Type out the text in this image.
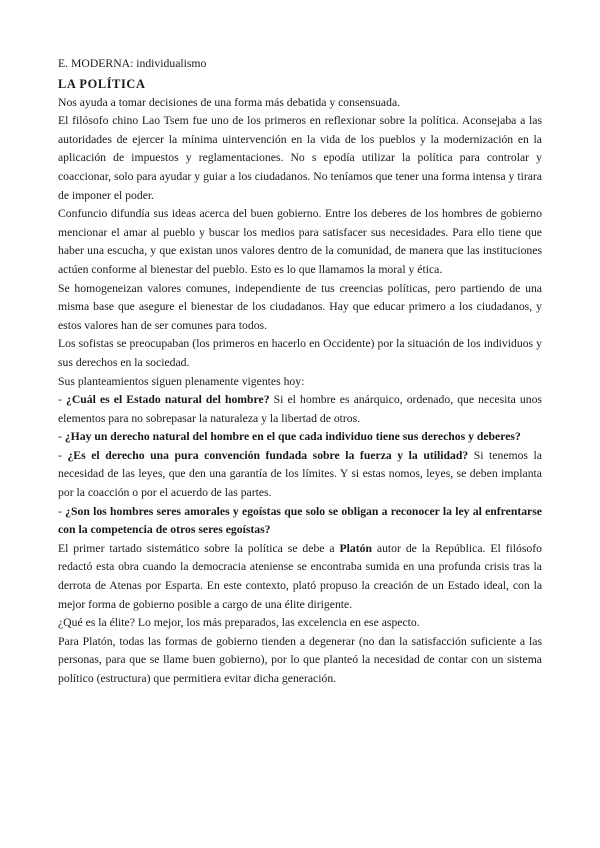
E. MODERNA: individualismo

LA POLÍTICA

Nos ayuda a tomar decisiones de una forma más debatida y consensuada.

El filósofo chino Lao Tsem fue uno de los primeros en reflexionar sobre la política. Aconsejaba a las autoridades de ejercer la mínima uintervención en la vida de los pueblos y la modernización en la aplicación de impuestos y reglamentaciones. No s epodía utilizar la política para controlar y coaccionar, solo para ayudar y guiar a los ciudadanos. No teníamos que tener una forma intensa y tirara de imponer el poder.

Confuncio difundía sus ideas acerca del buen gobierno. Entre los deberes de los hombres de gobierno mencionar el amar al pueblo y buscar los medios para satisfacer sus necesidades. Para ello tiene que haber una escucha, y que existan unos valores dentro de la comunidad, de manera que las instituciones actúen conforme al bienestar del pueblo. Esto es lo que llamamos la moral y ética.

Se homogeneizan valores comunes, independiente de tus creencias políticas, pero partiendo de una misma base que asegure el bienestar de los ciudadanos. Hay que educar primero a los ciudadanos, y estos valores han de ser comunes para todos.

Los sofistas se preocupaban (los primeros en hacerlo en Occidente) por la situación de los individuos y sus derechos en la sociedad.

Sus planteamientos siguen plenamente vigentes hoy:

- ¿Cuál es el Estado natural del hombre? Si el hombre es anárquico, ordenado, que necesita unos elementos para no sobrepasar la naturaleza y la libertad de otros.

- ¿Hay un derecho natural del hombre en el que cada individuo tiene sus derechos y deberes?

- ¿Es el derecho una pura convención fundada sobre la fuerza y la utilidad? Si tenemos la necesidad de las leyes, que den una garantía de los límites. Y si estas nomos, leyes, se deben implanta por la coacción o por el acuerdo de las partes.

- ¿Son los hombres seres amorales y egoístas que solo se obligan a reconocer la ley al enfrentarse con la competencia de otros seres egoístas?

El primer tartado sistemático sobre la política se debe a Platón autor de la República. El filósofo redactó esta obra cuando la democracia ateniense se encontraba sumida en una profunda crisis tras la derrota de Atenas por Esparta. En este contexto, plató propuso la creación de un Estado ideal, con la mejor forma de gobierno posible a cargo de una élite dirigente.

¿Qué es la élite? Lo mejor, los más preparados, las excelencia en ese aspecto.

Para Platón, todas las formas de gobierno tienden a degenerar (no dan la satisfacción suficiente a las personas, para que se llame buen gobierno), por lo que planteó la necesidad de contar con un sistema político (estructura) que permitiera evitar dicha generación.
